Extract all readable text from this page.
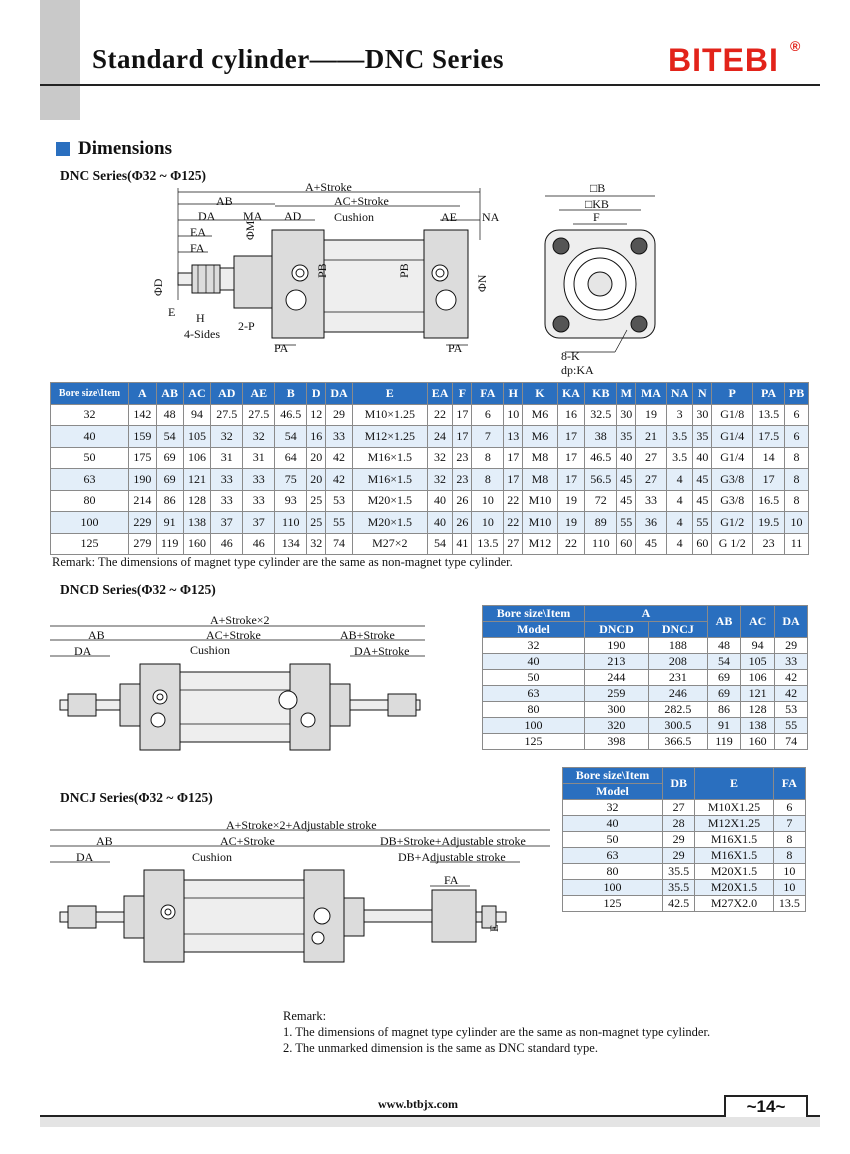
Standard cylinder——DNC Series	BITEBI ®
Dimensions
DNC Series(Φ32 ~ Φ125)
A+Stroke
AB	AC+Stroke
DA MA AD	Cushion	AE NA
EA
FA
ΦM
ΦD
PB	PB
ΦN
E H
4-Sides
2-P
PA	PA
□B
□KB
F
8-K
dp:KA
Bore size\Item	A	AB	AC	AD	AE	B	D	DA	E	EA	F	FA	H	K	KA	KB	M	MA	NA	N	P	PA	PB
32	142	48	94	27.5	27.5	46.5	12	29	M10×1.25	22	17	6	10	M6	16	32.5	30	19	3	30	G1/8	13.5	6
40	159	54	105	32	32	54	16	33	M12×1.25	24	17	7	13	M6	17	38	35	21	3.5	35	G1/4	17.5	6
50	175	69	106	31	31	64	20	42	M16×1.5	32	23	8	17	M8	17	46.5	40	27	3.5	40	G1/4	14	8
63	190	69	121	33	33	75	20	42	M16×1.5	32	23	8	17	M8	17	56.5	45	27	4	45	G3/8	17	8
80	214	86	128	33	33	93	25	53	M20×1.5	40	26	10	22	M10	19	72	45	33	4	45	G3/8	16.5	8
100	229	91	138	37	37	110	25	55	M20×1.5	40	26	10	22	M10	19	89	55	36	4	55	G1/2	19.5	10
125	279	119	160	46	46	134	32	74	M27×2	54	41	13.5	27	M12	22	110	60	45	4	60	G 1/2	23	11
Remark: The dimensions of magnet type cylinder are the same as non-magnet type cylinder.
DNCD Series(Φ32 ~ Φ125)
A+Stroke×2
AB	AC+Stroke	AB+Stroke
DA	Cushion	DA+Stroke
Bore size\Item	A		AB	AC	DA
Model	DNCD	DNCJ			
32	190	188	48	94	29
40	213	208	54	105	33
50	244	231	69	106	42
63	259	246	69	121	42
80	300	282.5	86	128	53
100	320	300.5	91	138	55
125	398	366.5	119	160	74
DNCJ Series(Φ32 ~ Φ125)
Bore size\Item	DB	E	FA
Model			
32	27	M10X1.25	6
40	28	M12X1.25	7
50	29	M16X1.5	8
63	29	M16X1.5	8
80	35.5	M20X1.5	10
100	35.5	M20X1.5	10
125	42.5	M27X2.0	13.5
A+Stroke×2+Adjustable stroke
AB	AC+Stroke	DB+Stroke+Adjustable stroke
DA	Cushion	DB+Adjustable stroke
FA
E
Remark:
1. The dimensions of magnet type cylinder are the same as non-magnet type cylinder.
2. The unmarked dimension is the same as DNC standard type.
www.btbjx.com	~14~
